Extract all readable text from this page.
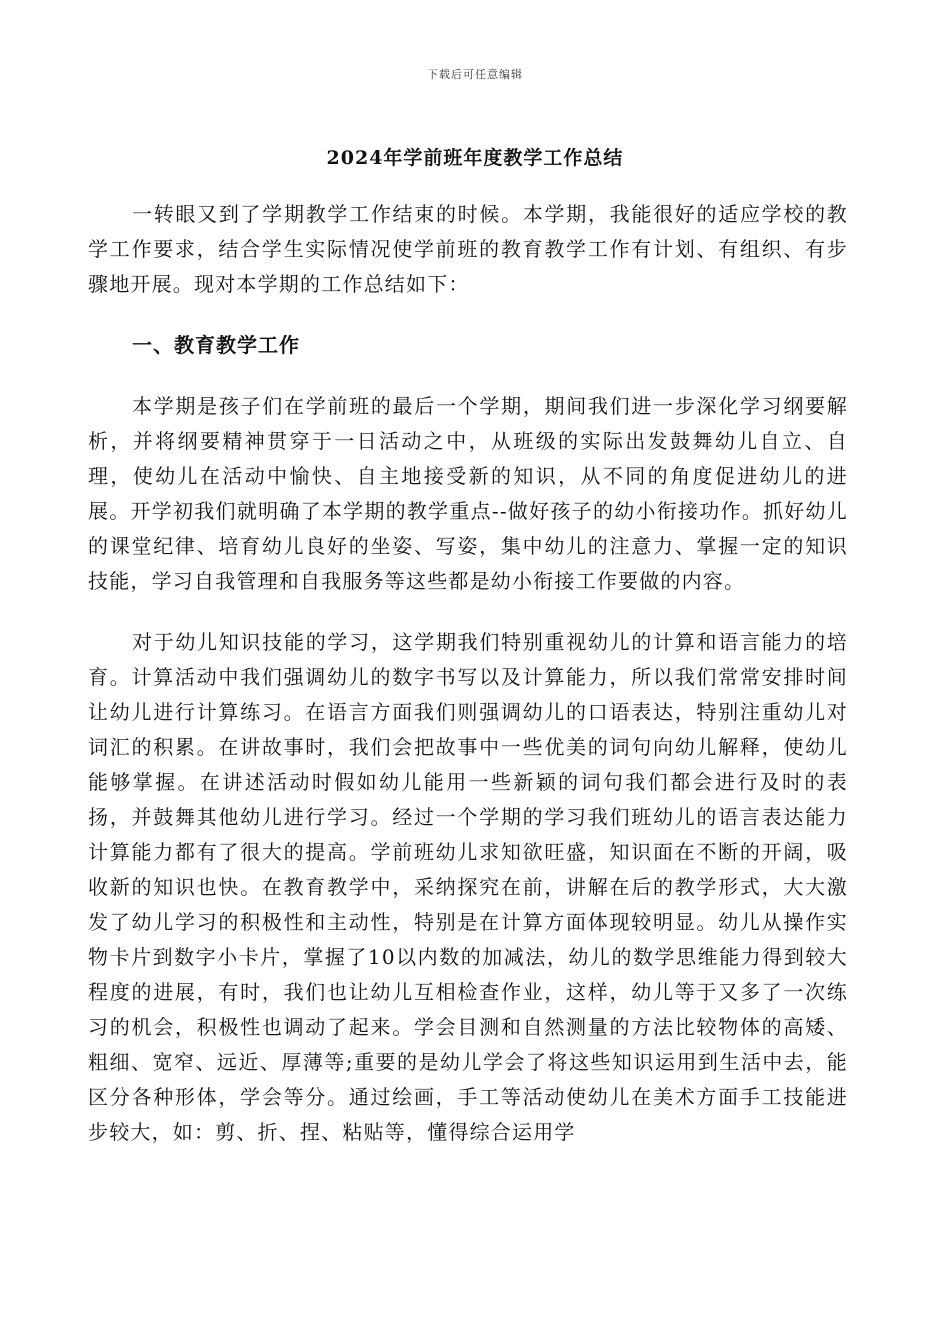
下载后可任意编辑
2024年学前班年度教学工作总结

一转眼又到了学期教学工作结束的时候。本学期，我能很好的适应学校的教学工作要求，结合学生实际情况使学前班的教育教学工作有计划、有组织、有步骤地开展。现对本学期的工作总结如下：

一、教育教学工作

本学期是孩子们在学前班的最后一个学期，期间我们进一步深化学习纲要解析，并将纲要精神贯穿于一日活动之中，从班级的实际出发鼓舞幼儿自立、自理，使幼儿在活动中愉快、自主地接受新的知识，从不同的角度促进幼儿的进展。开学初我们就明确了本学期的教学重点--做好孩子的幼小衔接功作。抓好幼儿的课堂纪律、培育幼儿良好的坐姿、写姿，集中幼儿的注意力、掌握一定的知识技能，学习自我管理和自我服务等这些都是幼小衔接工作要做的内容。

对于幼儿知识技能的学习，这学期我们特别重视幼儿的计算和语言能力的培育。计算活动中我们强调幼儿的数字书写以及计算能力，所以我们常常安排时间让幼儿进行计算练习。在语言方面我们则强调幼儿的口语表达，特别注重幼儿对词汇的积累。在讲故事时，我们会把故事中一些优美的词句向幼儿解释，使幼儿能够掌握。在讲述活动时假如幼儿能用一些新颖的词句我们都会进行及时的表扬，并鼓舞其他幼儿进行学习。经过一个学期的学习我们班幼儿的语言表达能力计算能力都有了很大的提高。学前班幼儿求知欲旺盛，知识面在不断的开阔，吸收新的知识也快。在教育教学中，采纳探究在前，讲解在后的教学形式，大大激发了幼儿学习的积极性和主动性，特别是在计算方面体现较明显。幼儿从操作实物卡片到数字小卡片，掌握了10以内数的加减法，幼儿的数学思维能力得到较大程度的进展，有时，我们也让幼儿互相检查作业，这样，幼儿等于又多了一次练习的机会，积极性也调动了起来。学会目测和自然测量的方法比较物体的高矮、粗细、宽窄、远近、厚薄等;重要的是幼儿学会了将这些知识运用到生活中去，能区分各种形体，学会等分。通过绘画，手工等活动使幼儿在美术方面手工技能进步较大，如：剪、折、捏、粘贴等，懂得综合运用学
